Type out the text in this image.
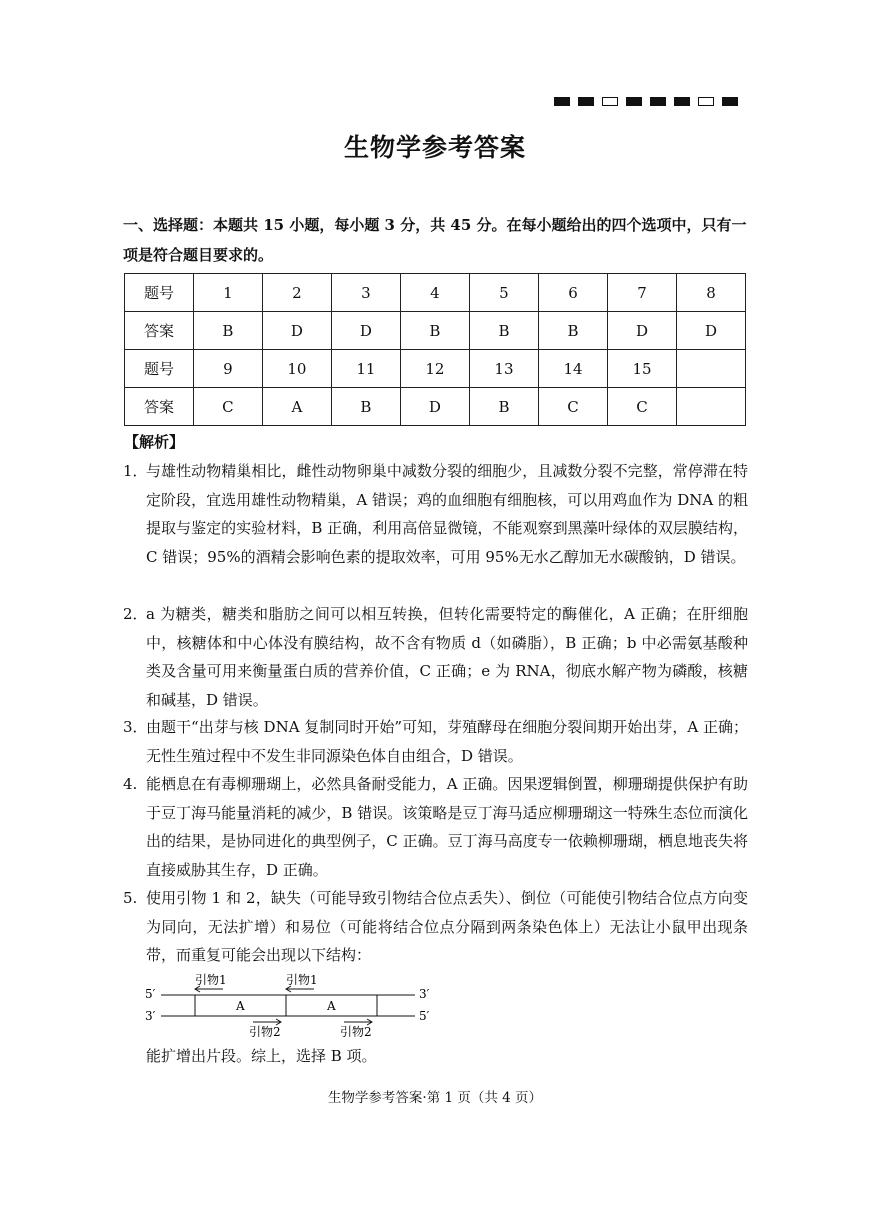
生物学参考答案
一、选择题：本题共 15 小题，每小题 3 分，共 45 分。在每小题给出的四个选项中，只有一项是符合题目要求的。
题号	1	2	3	4	5	6	7	8
答案	B	D	D	B	B	B	D	D
题号	9	10	11	12	13	14	15	
答案	C	A	B	D	B	C	C	
【解析】
1．
与雄性动物精巢相比，雌性动物卵巢中减数分裂的细胞少，且减数分裂不完整，常停滞在特定阶段，宜选用雄性动物精巢，A 错误；鸡的血细胞有细胞核，可以用鸡血作为 DNA 的粗提取与鉴定的实验材料，B 正确，利用高倍显微镜，不能观察到黑藻叶绿体的双层膜结构，C 错误；95%的酒精会影响色素的提取效率，可用 95%无水乙醇加无水碳酸钠，D 错误。
2．
a 为糖类，糖类和脂肪之间可以相互转换，但转化需要特定的酶催化，A 正确；在肝细胞中，核糖体和中心体没有膜结构，故不含有物质 d（如磷脂），B 正确；b 中必需氨基酸种类及含量可用来衡量蛋白质的营养价值，C 正确；e 为 RNA，彻底水解产物为磷酸，核糖和碱基，D 错误。
3．
由题干“出芽与核 DNA 复制同时开始”可知，芽殖酵母在细胞分裂间期开始出芽，A 正确；无性生殖过程中不发生非同源染色体自由组合，D 错误。
4. 能栖息在有毒柳珊瑚上，必然具备耐受能力，A 正确。因果逻辑倒置，柳珊瑚提供保护有助于豆丁海马能量消耗的减少，B 错误。该策略是豆丁海马适应柳珊瑚这一特殊生态位而演化出的结果，是协同进化的典型例子，C 正确。豆丁海马高度专一依赖柳珊瑚，栖息地丧失将直接威胁其生存，D 正确。
5. 使用引物 1 和 2，缺失（可能导致引物结合位点丢失）、倒位（可能使引物结合位点方向变为同向，无法扩增）和易位（可能将结合位点分隔到两条染色体上）无法让小鼠甲出现条带，而重复可能会出现以下结构：
5′	3′
3′	5′
A	A
引物1	引物1
引物2	引物2
能扩增出片段。综上，选择 B 项。
生物学参考答案·第 1 页（共 4 页）
